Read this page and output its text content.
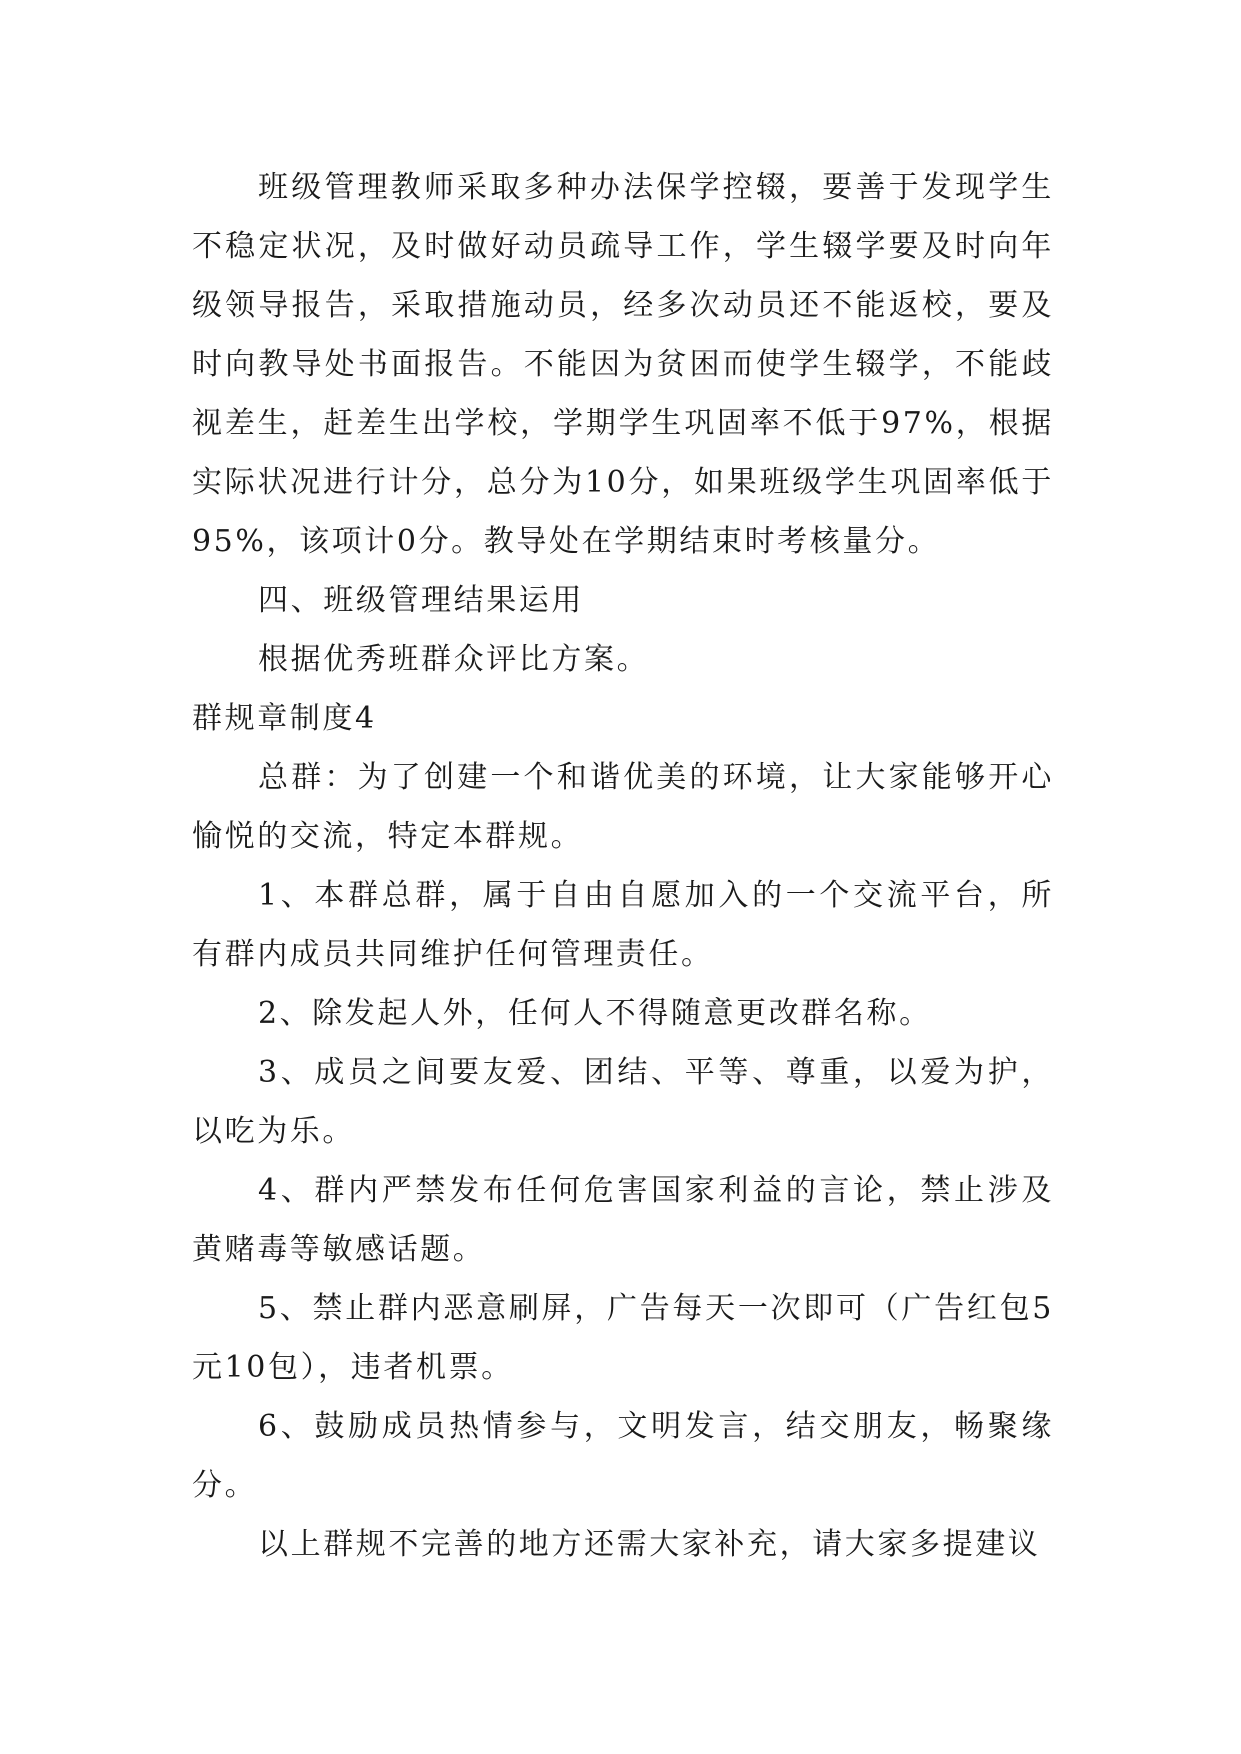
班级管理教师采取多种办法保学控辍，要善于发现学生不稳定状况，及时做好动员疏导工作，学生辍学要及时向年级领导报告，采取措施动员，经多次动员还不能返校，要及时向教导处书面报告。不能因为贫困而使学生辍学，不能歧视差生，赶差生出学校，学期学生巩固率不低于97%，根据实际状况进行计分，总分为10分，如果班级学生巩固率低于95%，该项计0分。教导处在学期结束时考核量分。

四、班级管理结果运用

根据优秀班群众评比方案。

群规章制度4

总群：为了创建一个和谐优美的环境，让大家能够开心愉悦的交流，特定本群规。

1、本群总群，属于自由自愿加入的一个交流平台，所有群内成员共同维护任何管理责任。

2、除发起人外，任何人不得随意更改群名称。

3、成员之间要友爱、团结、平等、尊重，以爱为护，以吃为乐。

4、群内严禁发布任何危害国家利益的言论，禁止涉及黄赌毒等敏感话题。

5、禁止群内恶意刷屏，广告每天一次即可（广告红包5元10包），违者机票。

6、鼓励成员热情参与，文明发言，结交朋友，畅聚缘分。

以上群规不完善的地方还需大家补充，请大家多提建议
